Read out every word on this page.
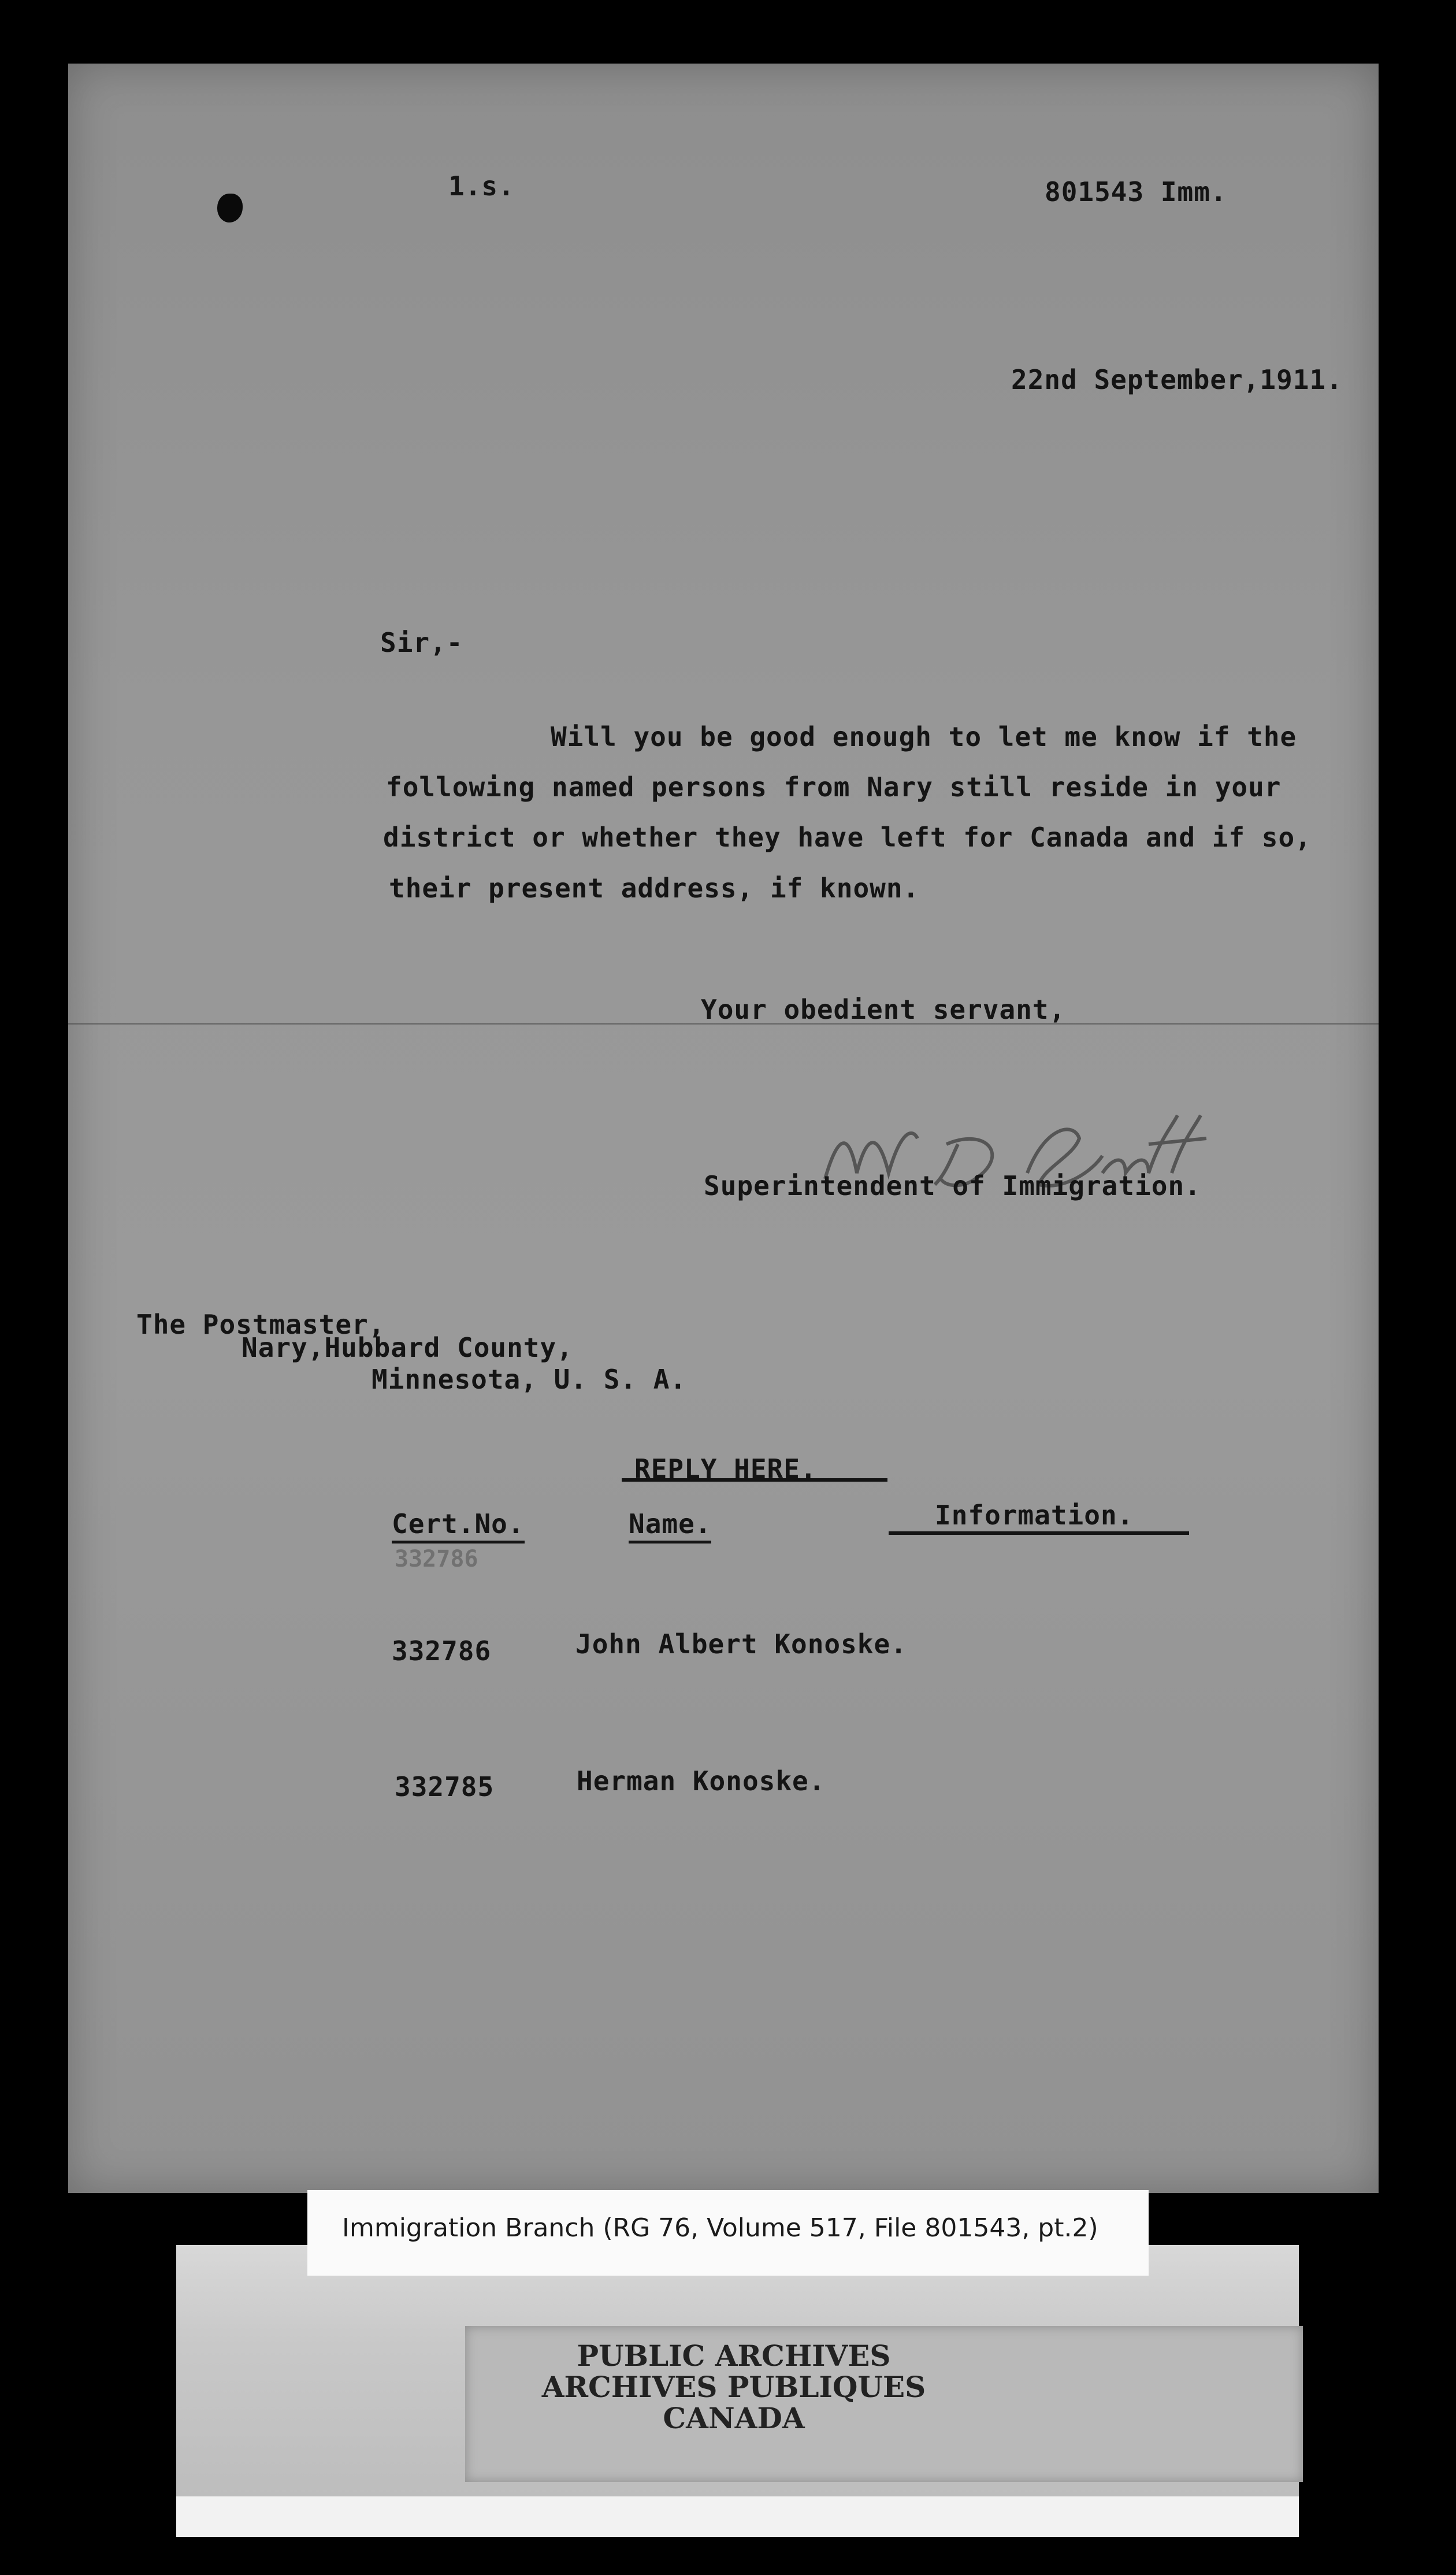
1.s.	801543 Imm.
22nd September,1911.
Sir,-
Will you be good enough to let me know if the
following named persons from Nary still reside in your
district or whether they have left for Canada and if so,
their present address, if known.
Your obedient servant,
Superintendent of Immigration.
The Postmaster,
Nary,Hubbard County,
Minnesota, U. S. A.
REPLY HERE.
Cert.No.	Name.	Information.
332786
332786	John Albert Konoske.
332785	Herman Konoske.
PUBLIC ARCHIVES
ARCHIVES PUBLIQUES
CANADA
Immigration Branch (RG 76, Volume 517, File 801543, pt.2)
